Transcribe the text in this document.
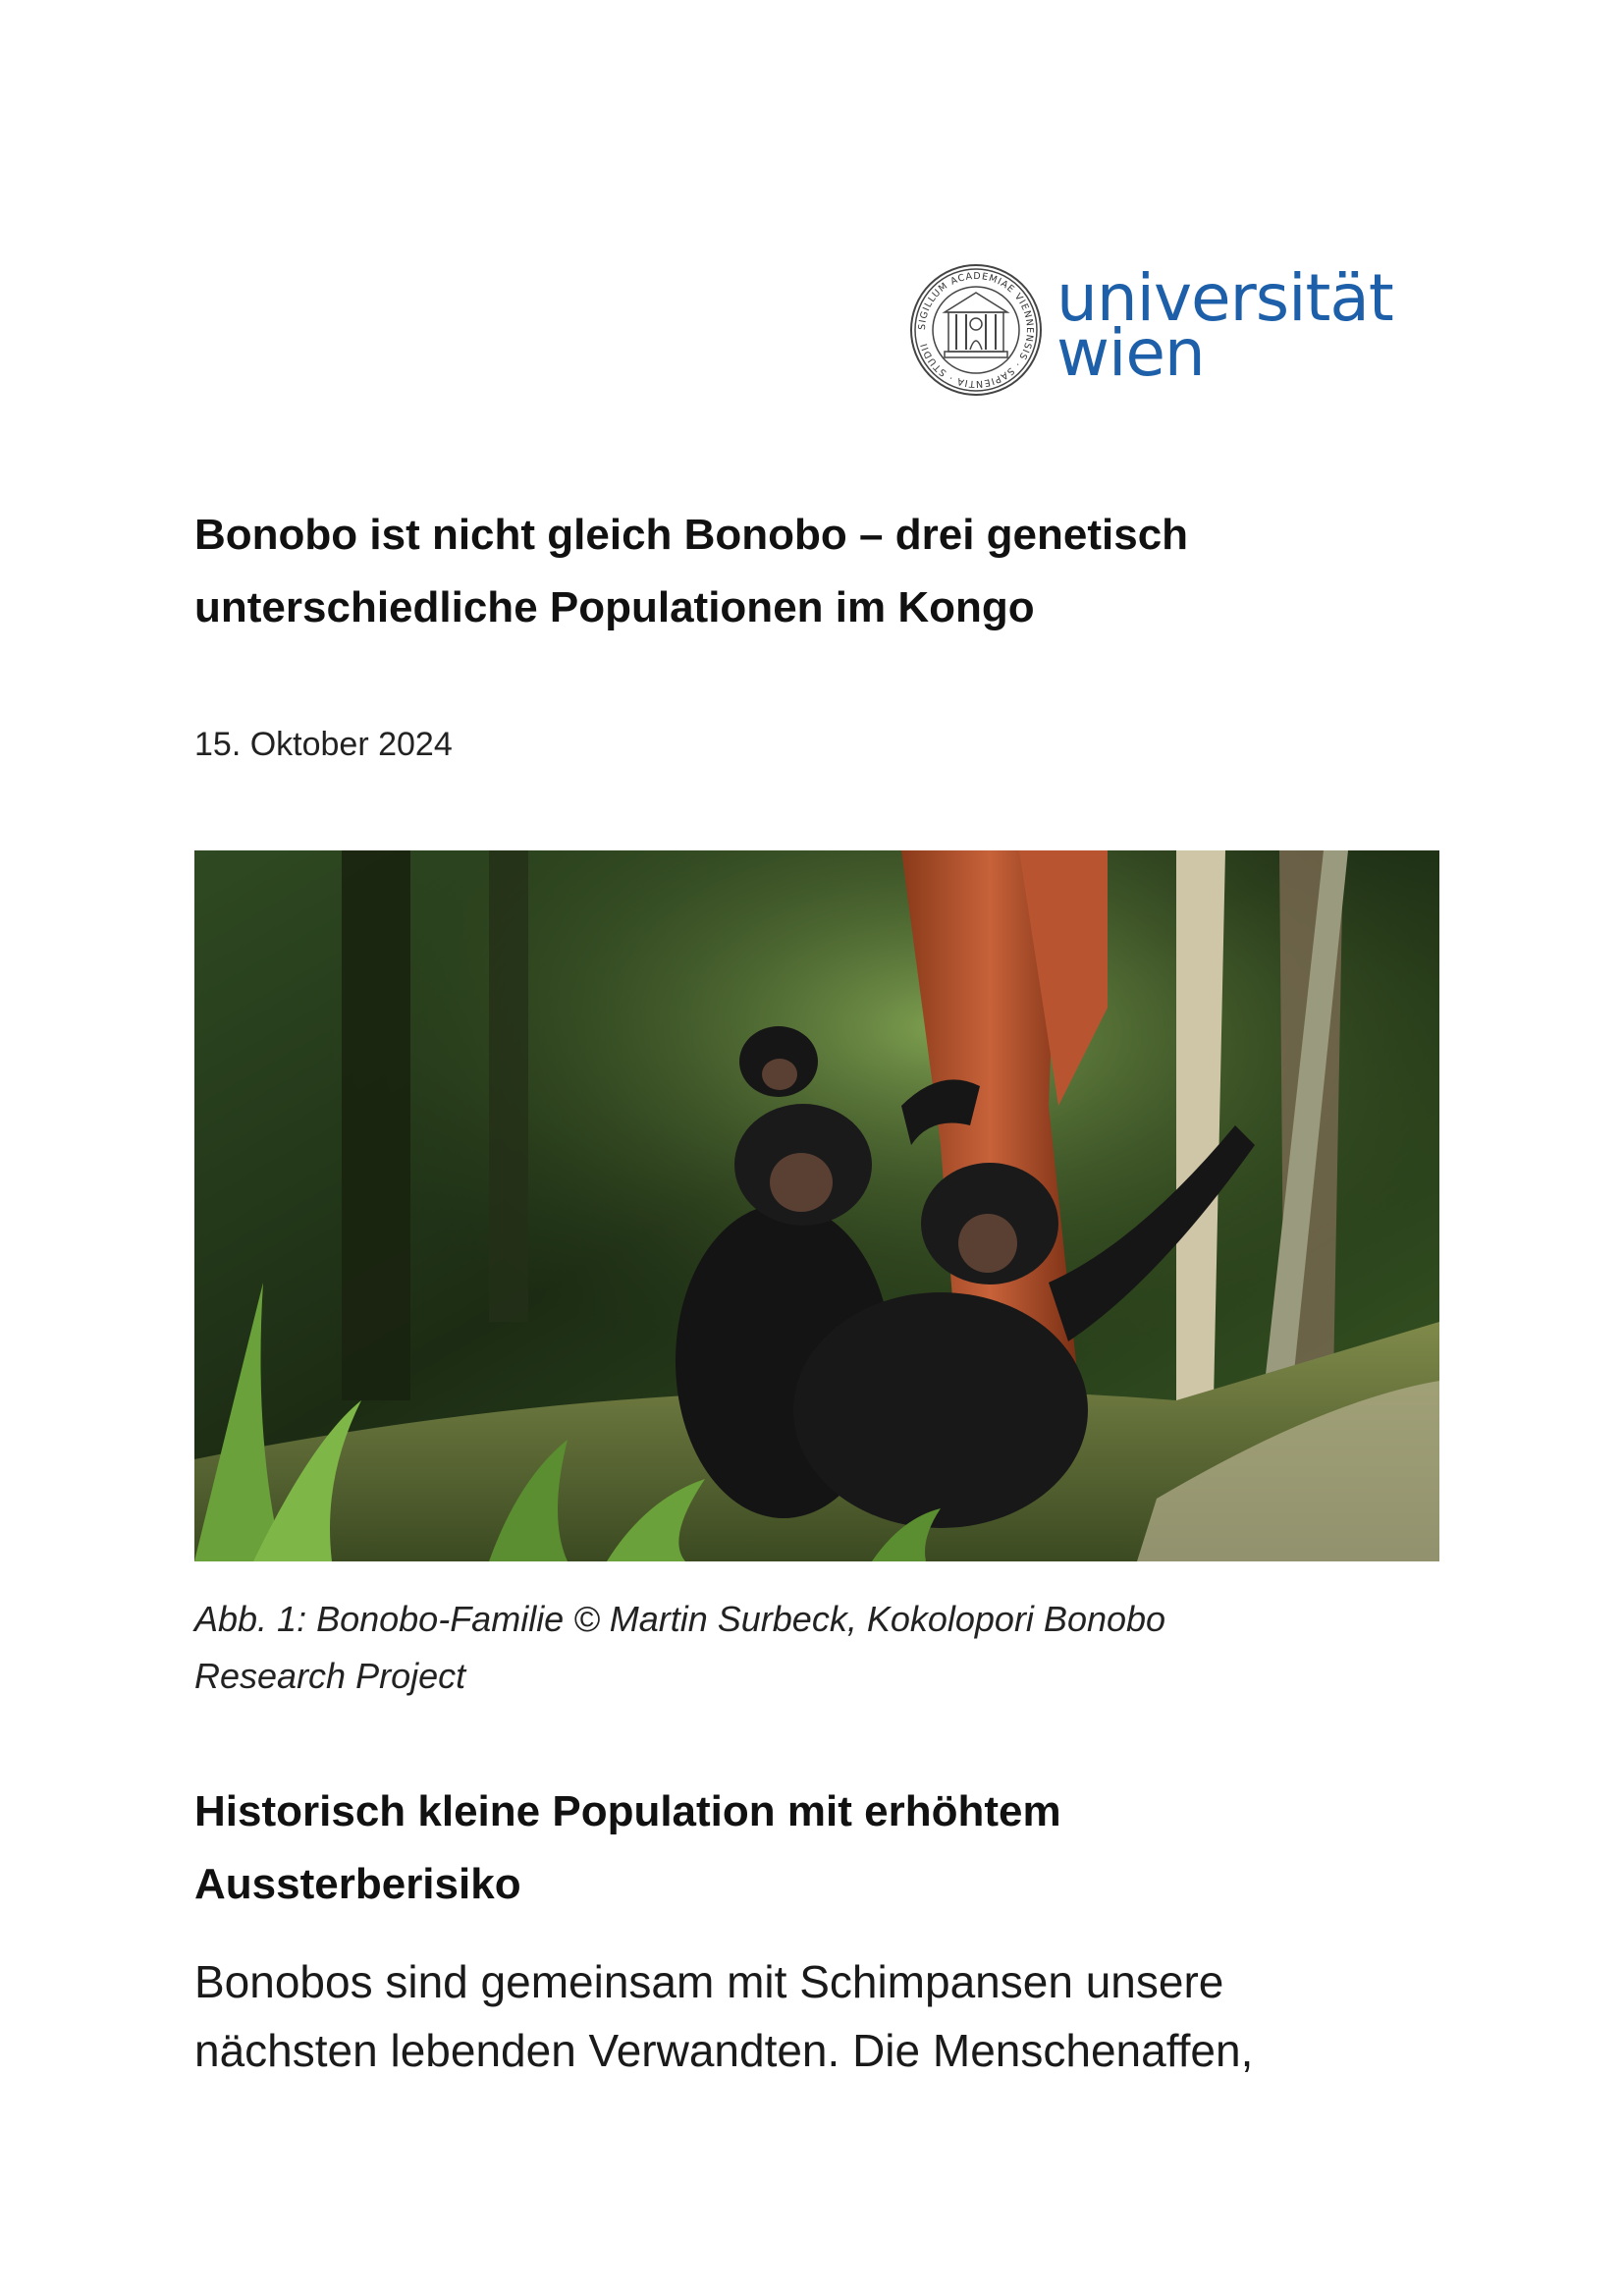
SIGILLUM ACADEMIAE VIENNENSIS · SAPIENTIA · STUDII
universität
wien
Bonobo ist nicht gleich Bonobo – drei genetisch
unterschiedliche Populationen im Kongo
15. Oktober 2024
Abb. 1: Bonobo-Familie © Martin Surbeck, Kokolopori Bonobo
Research Project
Historisch kleine Population mit erhöhtem
Aussterberisiko

Bonobos sind gemeinsam mit Schimpansen unsere
nächsten lebenden Verwandten. Die Menschenaffen,
